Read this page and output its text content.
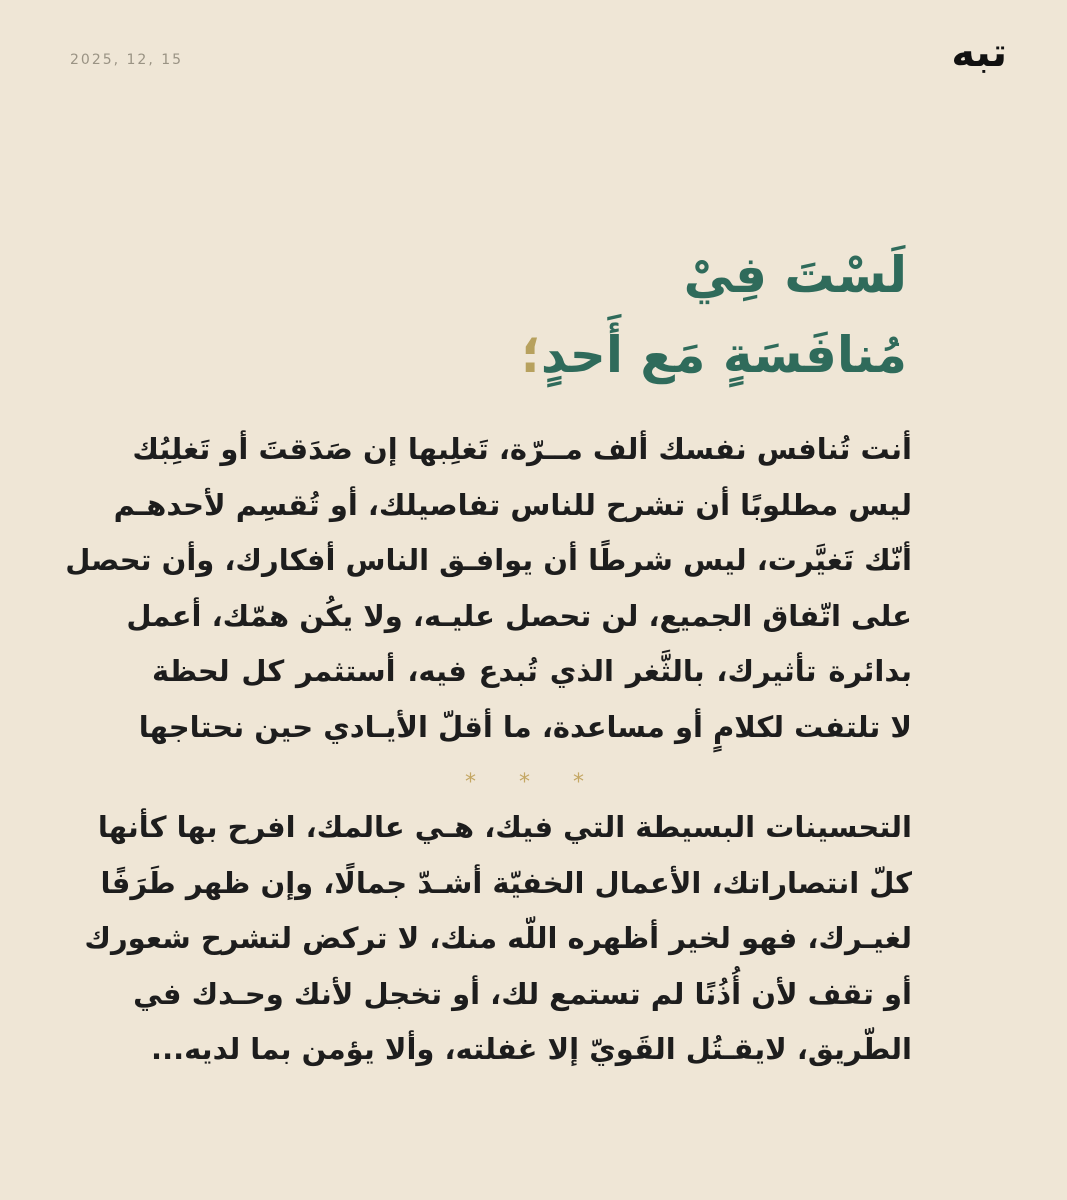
2025, 12, 15	تبه
لَسْتَ فِيْ
مُنافَسَةٍ مَع أَحدٍ؛
أنت تُنافس نفسك ألف مــرّة، تَغلِبها إن صَدَقتَ أو تَغلِبُك
ليس مطلوبًا أن تشرح للناس تفاصيلك، أو تُقسِم لأحدهـم
أنّك تَغيَّرت، ليس شرطًا أن يوافـق الناس أفكارك، وأن تحصل
على اتّفاق الجميع، لن تحصل عليـه، ولا يكُن همّك، أعمل
بدائرة تأثيرك، بالثَّغر الذي تُبدع فيه، أستثمر كل لحظة
لا تلتفت لكلامٍ أو مساعدة، ما أقلّ الأيـادي حين نحتاجها
* * *
التحسينات البسيطة التي فيك، هـي عالمك، افرح بها كأنها
كلّ انتصاراتك، الأعمال الخفيّة أشـدّ جمالًا، وإن ظهر طَرَفًا
لغيـرك، فهو لخير أظهره اللّه منك، لا تركض لتشرح شعورك
أو تقف لأن أُذُنًا لم تستمع لك، أو تخجل لأنك وحـدك في
الطّريق، لايقـتُل القَويّ إلا غفلته، وألا يؤمن بما لديه...
